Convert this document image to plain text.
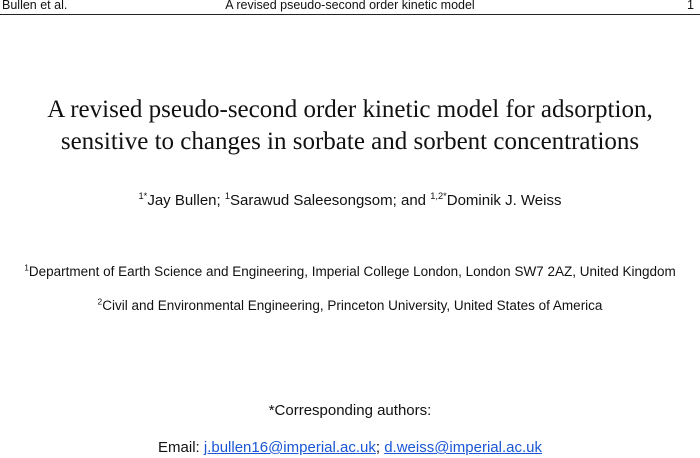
Bullen et al.	A revised pseudo-second order kinetic model	1
A revised pseudo-second order kinetic model for adsorption,
sensitive to changes in sorbate and sorbent concentrations
$^{1*}$Jay Bullen; $^1$Sarawud Saleesongsom; and $^{1,2*}$Dominik J. Weiss
$^1$Department of Earth Science and Engineering, Imperial College London, London SW7 2AZ, United Kingdom
$^2$Civil and Environmental Engineering, Princeton University, United States of America
*Corresponding authors:
Email: j.bullen16@imperial.ac.uk; d.weiss@imperial.ac.uk
